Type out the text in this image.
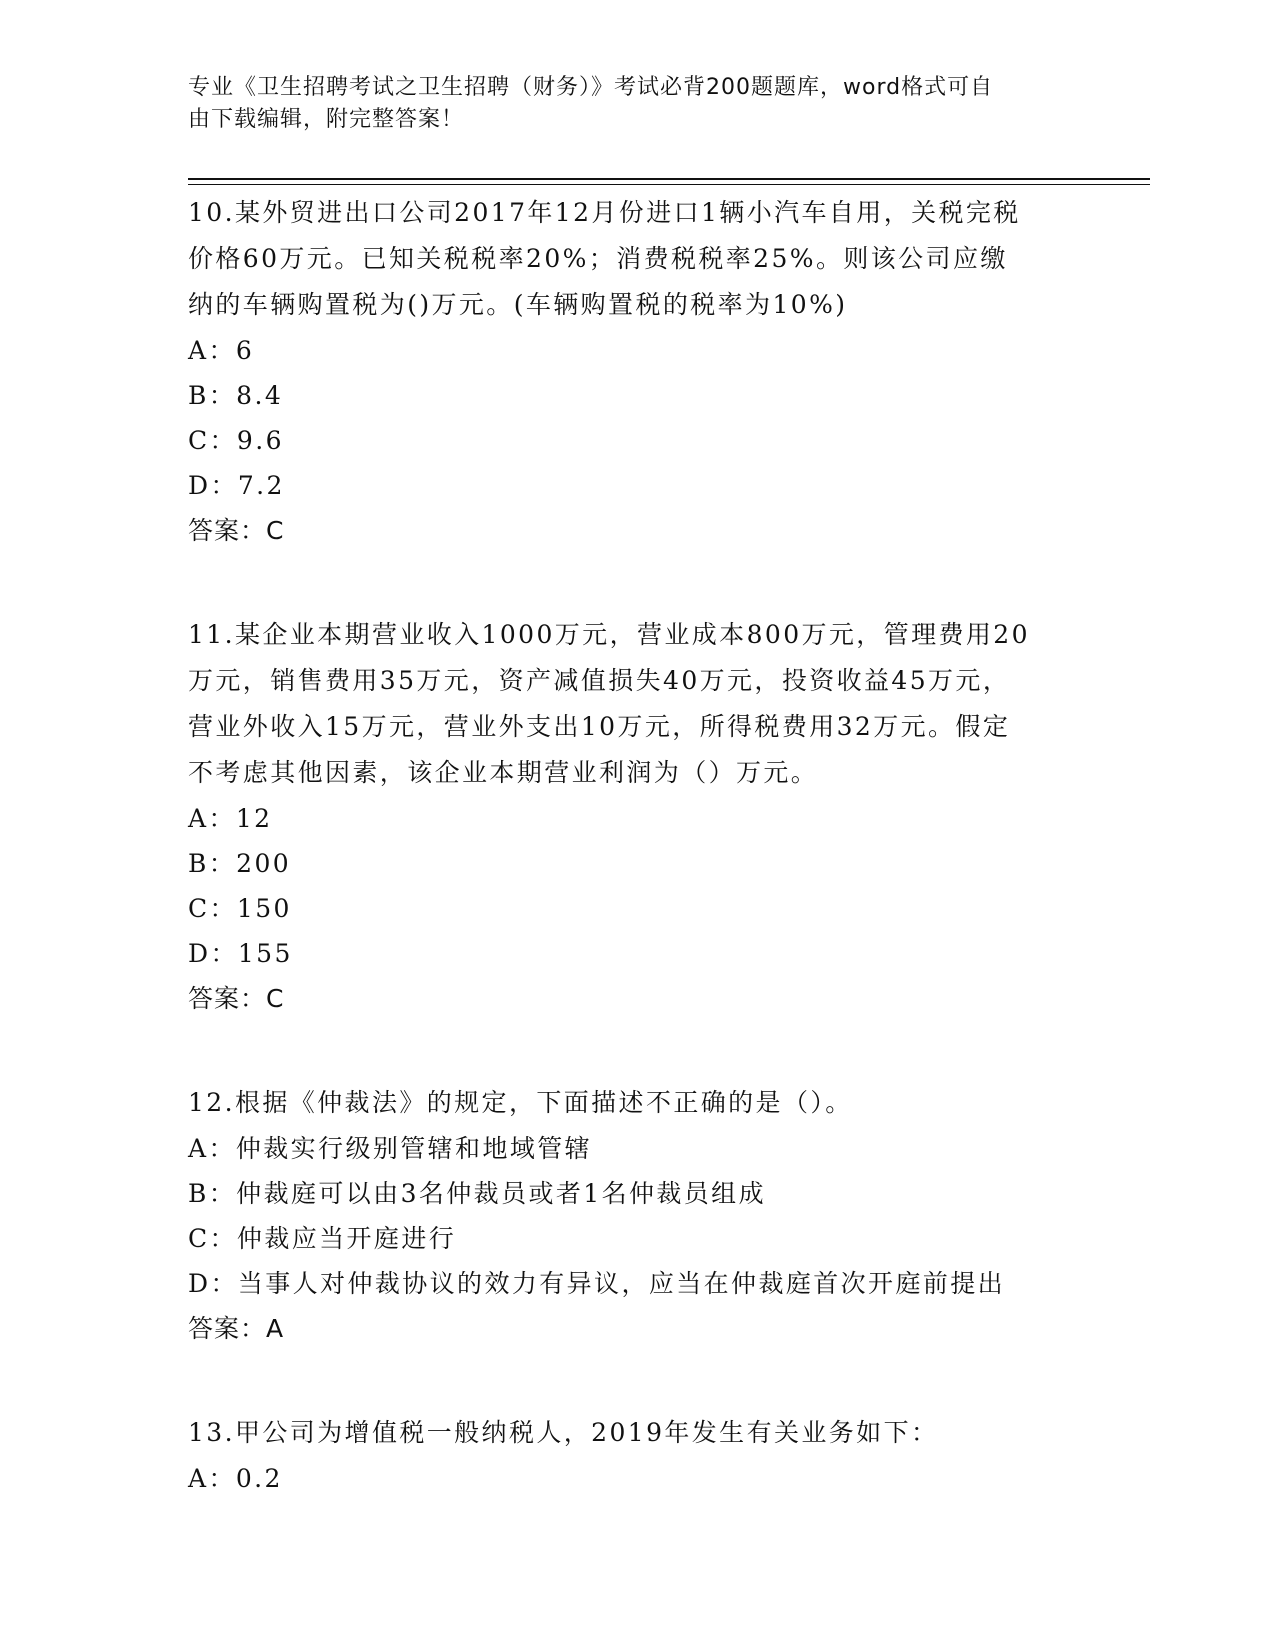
专业《卫生招聘考试之卫生招聘（财务）》考试必背200题题库，word格式可自
由下载编辑，附完整答案！
10.某外贸进出口公司2017年12月份进口1辆小汽车自用，关税完税
价格60万元。已知关税税率20%；消费税税率25%。则该公司应缴
纳的车辆购置税为()万元。(车辆购置税的税率为10%)
A：6
B：8.4
C：9.6
D：7.2
答案：C
11.某企业本期营业收入1000万元，营业成本800万元，管理费用20
万元，销售费用35万元，资产减值损失40万元，投资收益45万元，
营业外收入15万元，营业外支出10万元，所得税费用32万元。假定
不考虑其他因素，该企业本期营业利润为（）万元。
A：12
B：200
C：150
D：155
答案：C
12.根据《仲裁法》的规定，下面描述不正确的是（）。
A：仲裁实行级别管辖和地域管辖
B：仲裁庭可以由3名仲裁员或者1名仲裁员组成
C：仲裁应当开庭进行
D：当事人对仲裁协议的效力有异议，应当在仲裁庭首次开庭前提出
答案：A
13.甲公司为增值税一般纳税人，2019年发生有关业务如下：
A：0.2
